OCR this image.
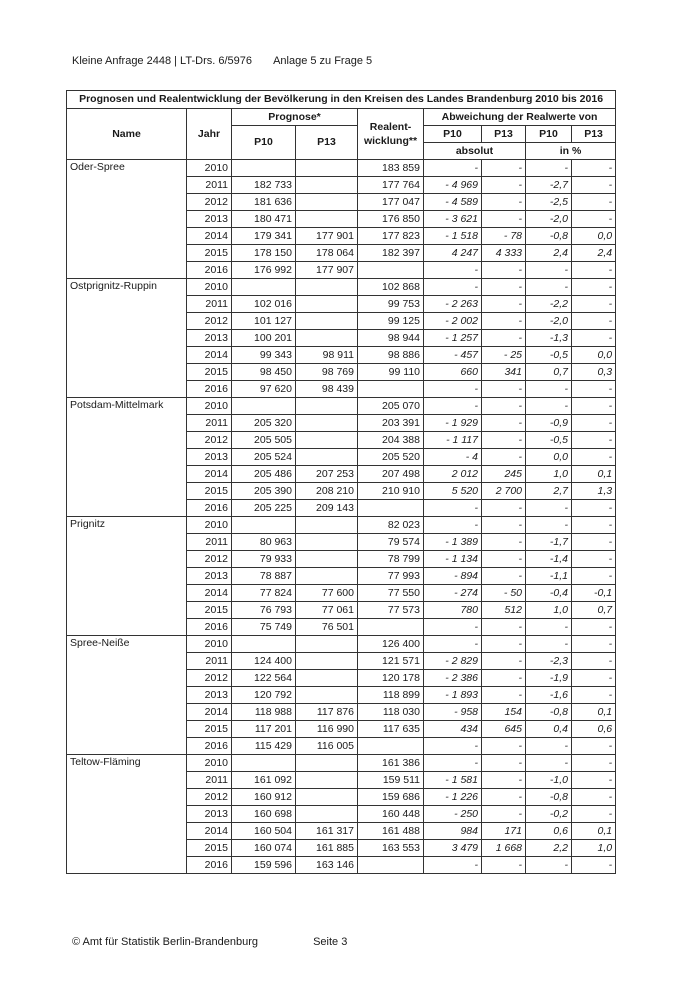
Kleine Anfrage 2448 | LT-Drs. 6/5976 Anlage 5 zu Frage 5
Prognosen und Realentwicklung der Bevölkerung in den Kreisen des Landes Brandenburg 2010 bis 2016								
Name	Jahr	Prognose*		Realent-wicklung**	Abweichung der Realwerte von			
		P10	P13		P10	P13	P10	P13
					absolut		in %	
Oder-Spree	2010			183 859	-	-	-	-
	2011	182 733		177 764	- 4 969	-	-2,7	-
	2012	181 636		177 047	- 4 589	-	-2,5	-
	2013	180 471		176 850	- 3 621	-	-2,0	-
	2014	179 341	177 901	177 823	- 1 518	- 78	-0,8	0,0
	2015	178 150	178 064	182 397	4 247	4 333	2,4	2,4
	2016	176 992	177 907		-	-	-	-
Ostprignitz-Ruppin	2010			102 868	-	-	-	-
	2011	102 016		99 753	- 2 263	-	-2,2	-
	2012	101 127		99 125	- 2 002	-	-2,0	-
	2013	100 201		98 944	- 1 257	-	-1,3	-
	2014	99 343	98 911	98 886	- 457	- 25	-0,5	0,0
	2015	98 450	98 769	99 110	660	341	0,7	0,3
	2016	97 620	98 439		-	-	-	-
Potsdam-Mittelmark	2010			205 070	-	-	-	-
	2011	205 320		203 391	- 1 929	-	-0,9	-
	2012	205 505		204 388	- 1 117	-	-0,5	-
	2013	205 524		205 520	- 4	-	0,0	-
	2014	205 486	207 253	207 498	2 012	245	1,0	0,1
	2015	205 390	208 210	210 910	5 520	2 700	2,7	1,3
	2016	205 225	209 143		-	-	-	-
Prignitz	2010			82 023	-	-	-	-
	2011	80 963		79 574	- 1 389	-	-1,7	-
	2012	79 933		78 799	- 1 134	-	-1,4	-
	2013	78 887		77 993	- 894	-	-1,1	-
	2014	77 824	77 600	77 550	- 274	- 50	-0,4	-0,1
	2015	76 793	77 061	77 573	780	512	1,0	0,7
	2016	75 749	76 501		-	-	-	-
Spree-Neiße	2010			126 400	-	-	-	-
	2011	124 400		121 571	- 2 829	-	-2,3	-
	2012	122 564		120 178	- 2 386	-	-1,9	-
	2013	120 792		118 899	- 1 893	-	-1,6	-
	2014	118 988	117 876	118 030	- 958	154	-0,8	0,1
	2015	117 201	116 990	117 635	434	645	0,4	0,6
	2016	115 429	116 005		-	-	-	-
Teltow-Fläming	2010			161 386	-	-	-	-
	2011	161 092		159 511	- 1 581	-	-1,0	-
	2012	160 912		159 686	- 1 226	-	-0,8	-
	2013	160 698		160 448	- 250	-	-0,2	-
	2014	160 504	161 317	161 488	984	171	0,6	0,1
	2015	160 074	161 885	163 553	3 479	1 668	2,2	1,0
	2016	159 596	163 146		-	-	-	-
© Amt für Statistik Berlin-Brandenburg	Seite 3
